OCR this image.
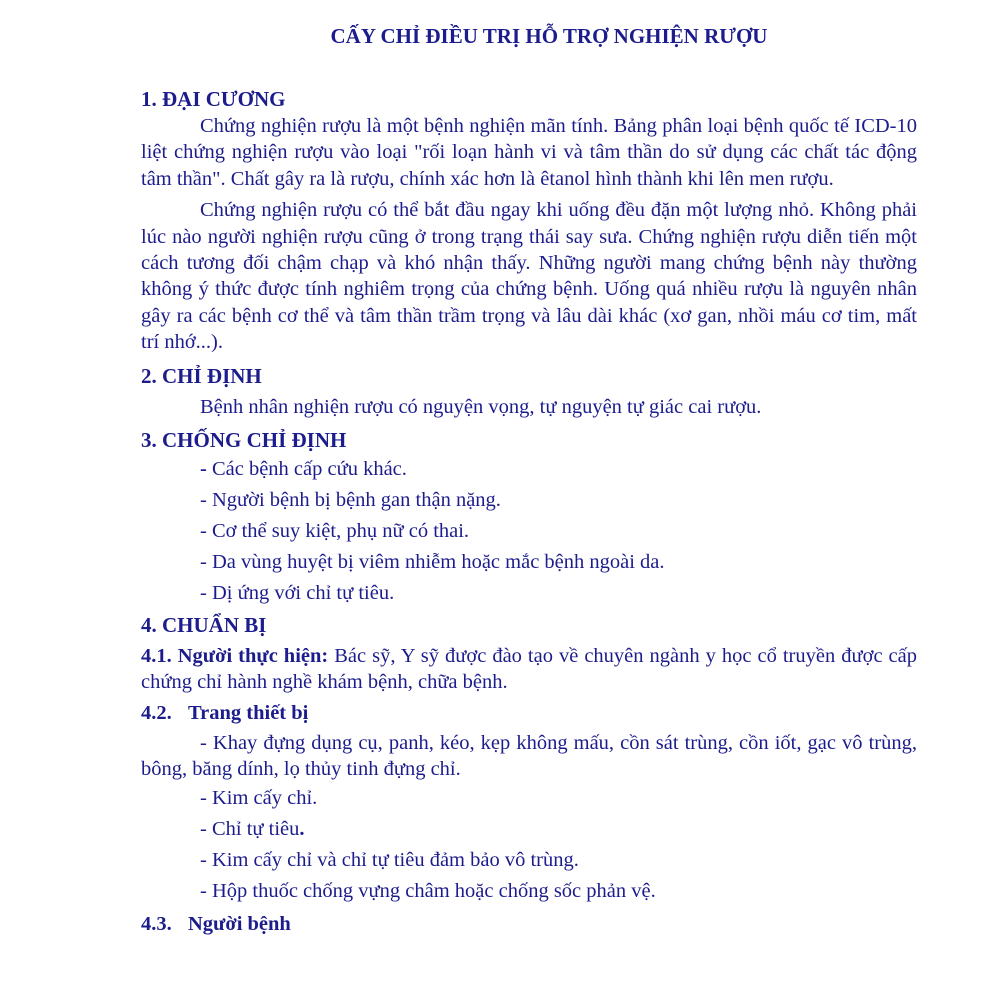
CẤY CHỈ ĐIỀU TRỊ HỖ TRỢ NGHIỆN RƯỢU
1. ĐẠI CƯƠNG

Chứng nghiện rượu là một bệnh nghiện mãn tính. Bảng phân loại bệnh quốc tế ICD-10 liệt chứng nghiện rượu vào loại "rối loạn hành vi và tâm thần do sử dụng các chất tác động tâm thần". Chất gây ra là rượu, chính xác hơn là êtanol hình thành khi lên men rượu.

Chứng nghiện rượu có thể bắt đầu ngay khi uống đều đặn một lượng nhỏ. Không phải lúc nào người nghiện rượu cũng ở trong trạng thái say sưa. Chứng nghiện rượu diễn tiến một cách tương đối chậm chạp và khó nhận thấy. Những người mang chứng bệnh này thường không ý thức được tính nghiêm trọng của chứng bệnh. Uống quá nhiều rượu là nguyên nhân gây ra các bệnh cơ thể và tâm thần trầm trọng và lâu dài khác (xơ gan, nhồi máu cơ tim, mất trí nhớ...).

2. CHỈ ĐỊNH

Bệnh nhân nghiện rượu có nguyện vọng, tự nguyện tự giác cai rượu.

3. CHỐNG CHỈ ĐỊNH
- Các bệnh cấp cứu khác.
- Người bệnh bị bệnh gan thận nặng.
- Cơ thể suy kiệt, phụ nữ có thai.
- Da vùng huyệt bị viêm nhiễm hoặc mắc bệnh ngoài da.
- Dị ứng với chỉ tự tiêu.
4. CHUẨN BỊ

4.1. Người thực hiện: Bác sỹ, Y sỹ được đào tạo về chuyên ngành y học cổ truyền được cấp chứng chỉ hành nghề khám bệnh, chữa bệnh.

4.2. Trang thiết bị

- Khay đựng dụng cụ, panh, kéo, kẹp không mấu, cồn sát trùng, cồn iốt, gạc vô trùng, bông, băng dính, lọ thủy tinh đựng chỉ.

- Kim cấy chỉ.
- Chỉ tự tiêu .
- Kim cấy chỉ và chỉ tự tiêu đảm bảo vô trùng.
- Hộp thuốc chống vựng châm hoặc chống sốc phản vệ.
4.3. Người bệnh
